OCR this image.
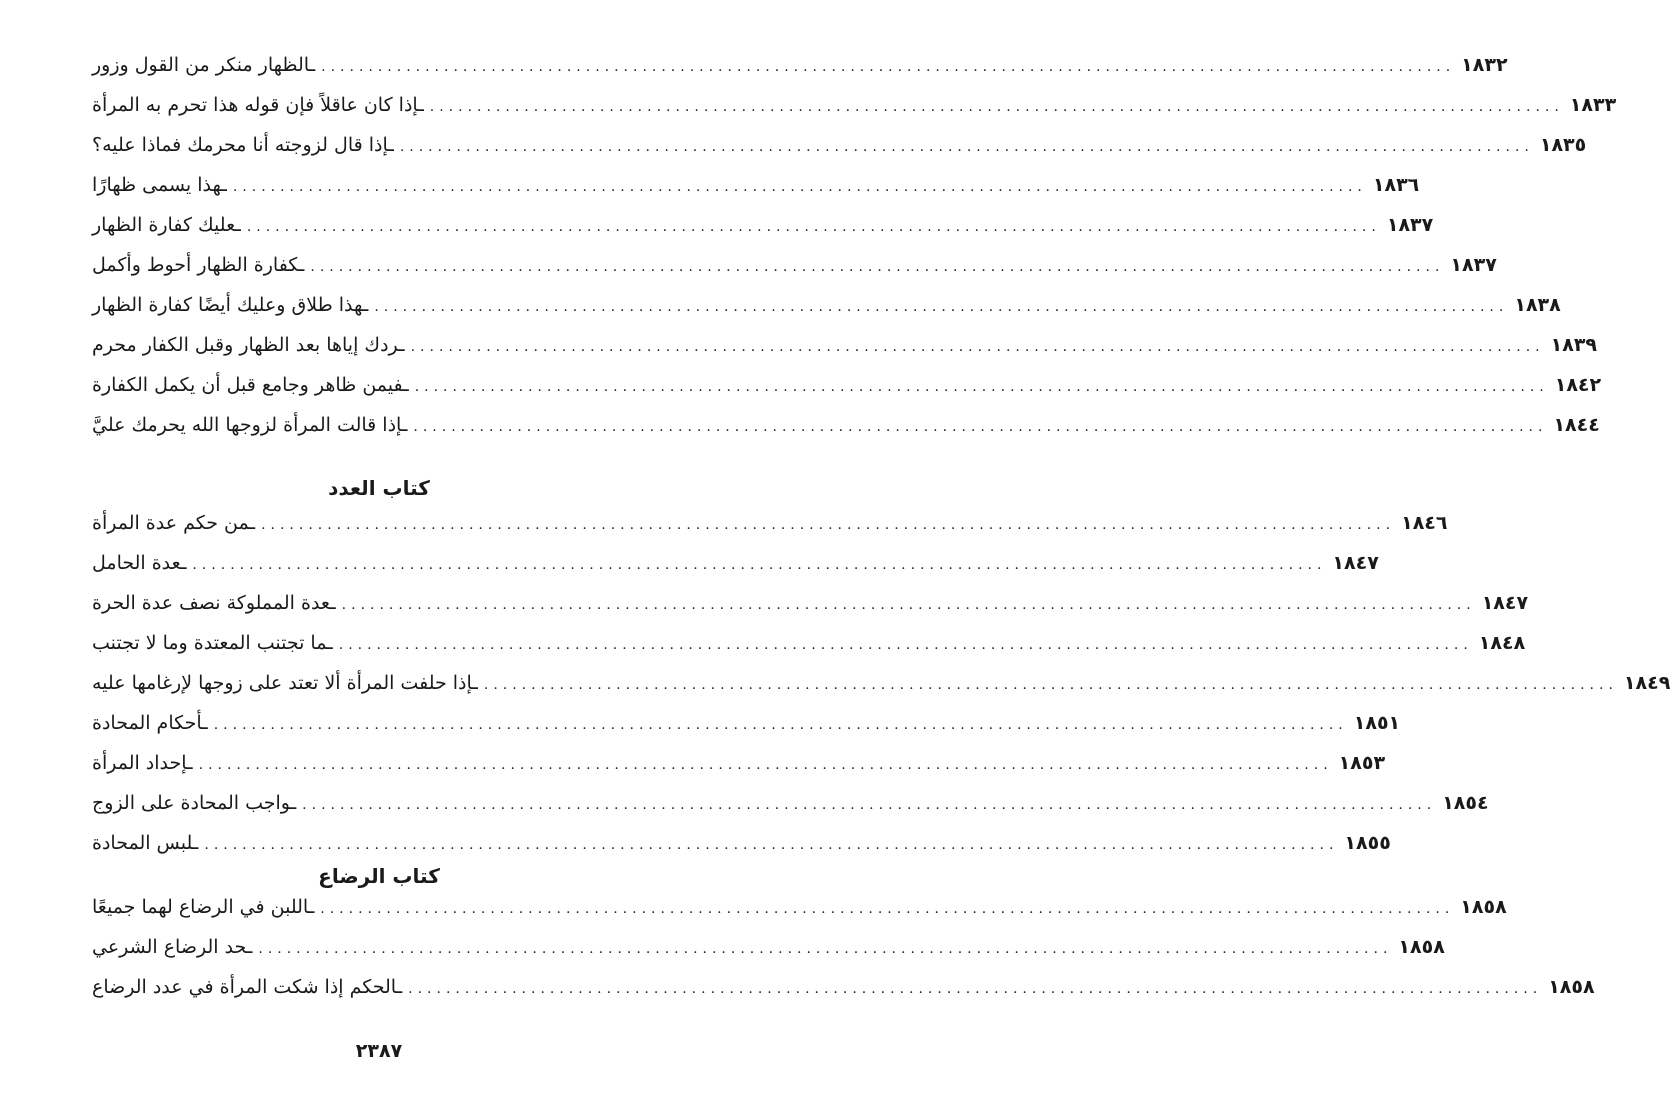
ـالظهار منكر من القول وزور ........................................................................................................................ ١٨٣٢
ـإذا كان عاقلاً فإن قوله هذا تحرم به المرأة ........................................................................................................................ ١٨٣٣
ـإذا قال لزوجته أنا محرمك فماذا عليه؟ ........................................................................................................................ ١٨٣٥
ـهذا يسمى ظهارًا ........................................................................................................................ ١٨٣٦
ـعليك كفارة الظهار ........................................................................................................................ ١٨٣٧
ـكفارة الظهار أحوط وأكمل ........................................................................................................................ ١٨٣٧
ـهذا طلاق وعليك أيضًا كفارة الظهار ........................................................................................................................ ١٨٣٨
ـردك إياها بعد الظهار وقبل الكفار محرم ........................................................................................................................ ١٨٣٩
ـفيمن ظاهر وجامع قبل أن يكمل الكفارة ........................................................................................................................ ١٨٤٢
ـإذا قالت المرأة لزوجها الله يحرمك عليَّ ........................................................................................................................ ١٨٤٤
كتاب العدد
ـمن حكم عدة المرأة ........................................................................................................................ ١٨٤٦
ـعدة الحامل ........................................................................................................................ ١٨٤٧
ـعدة المملوكة نصف عدة الحرة ........................................................................................................................ ١٨٤٧
ـما تجتنب المعتدة وما لا تجتنب ........................................................................................................................ ١٨٤٨
ـإذا حلفت المرأة ألا تعتد على زوجها لإرغامها عليه ........................................................................................................................ ١٨٤٩
ـأحكام المحادة ........................................................................................................................ ١٨٥١
ـإحداد المرأة ........................................................................................................................ ١٨٥٣
ـواجب المحادة على الزوج ........................................................................................................................ ١٨٥٤
ـلبس المحادة ........................................................................................................................ ١٨٥٥
كتاب الرضاع
ـاللبن في الرضاع لهما جميعًا ........................................................................................................................ ١٨٥٨
ـحد الرضاع الشرعي ........................................................................................................................ ١٨٥٨
ـالحكم إذا شكت المرأة في عدد الرضاع ........................................................................................................................ ١٨٥٨
٢٣٨٧
